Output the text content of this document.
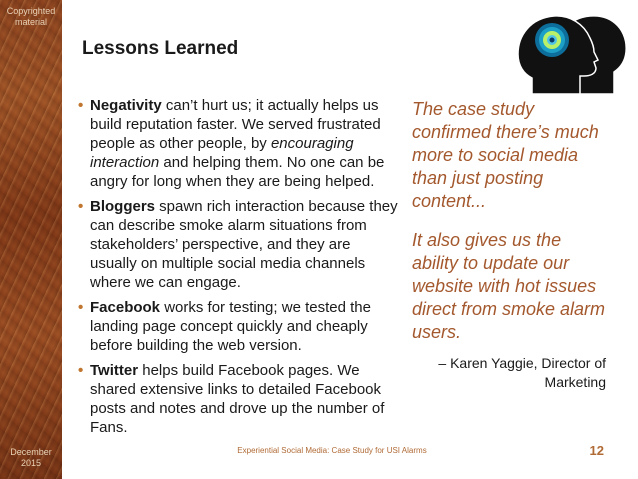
Copyrighted
material
December
2015
Lessons Learned
• Negativity can’t hurt us; it actually helps us build reputation faster. We served frustrated people as other people, by encouraging interaction and helping them. No one can be angry for long when they are being helped.
• Bloggers spawn rich interaction because they can describe smoke alarm situations from stakeholders’ perspective, and they are usually on multiple social media channels where we can engage.
• Facebook works for testing; we tested the landing page concept quickly and cheaply before building the web version.
• Twitter helps build Facebook pages. We shared extensive links to detailed Facebook posts and notes and drove up the number of Fans.

The case study confirmed there’s much more to social media than just posting content...

It also gives us the ability to update our website with hot issues direct from smoke alarm users.

– Karen Yaggie, Director of
Marketing
Experiential Social Media: Case Study for USI Alarms	12
